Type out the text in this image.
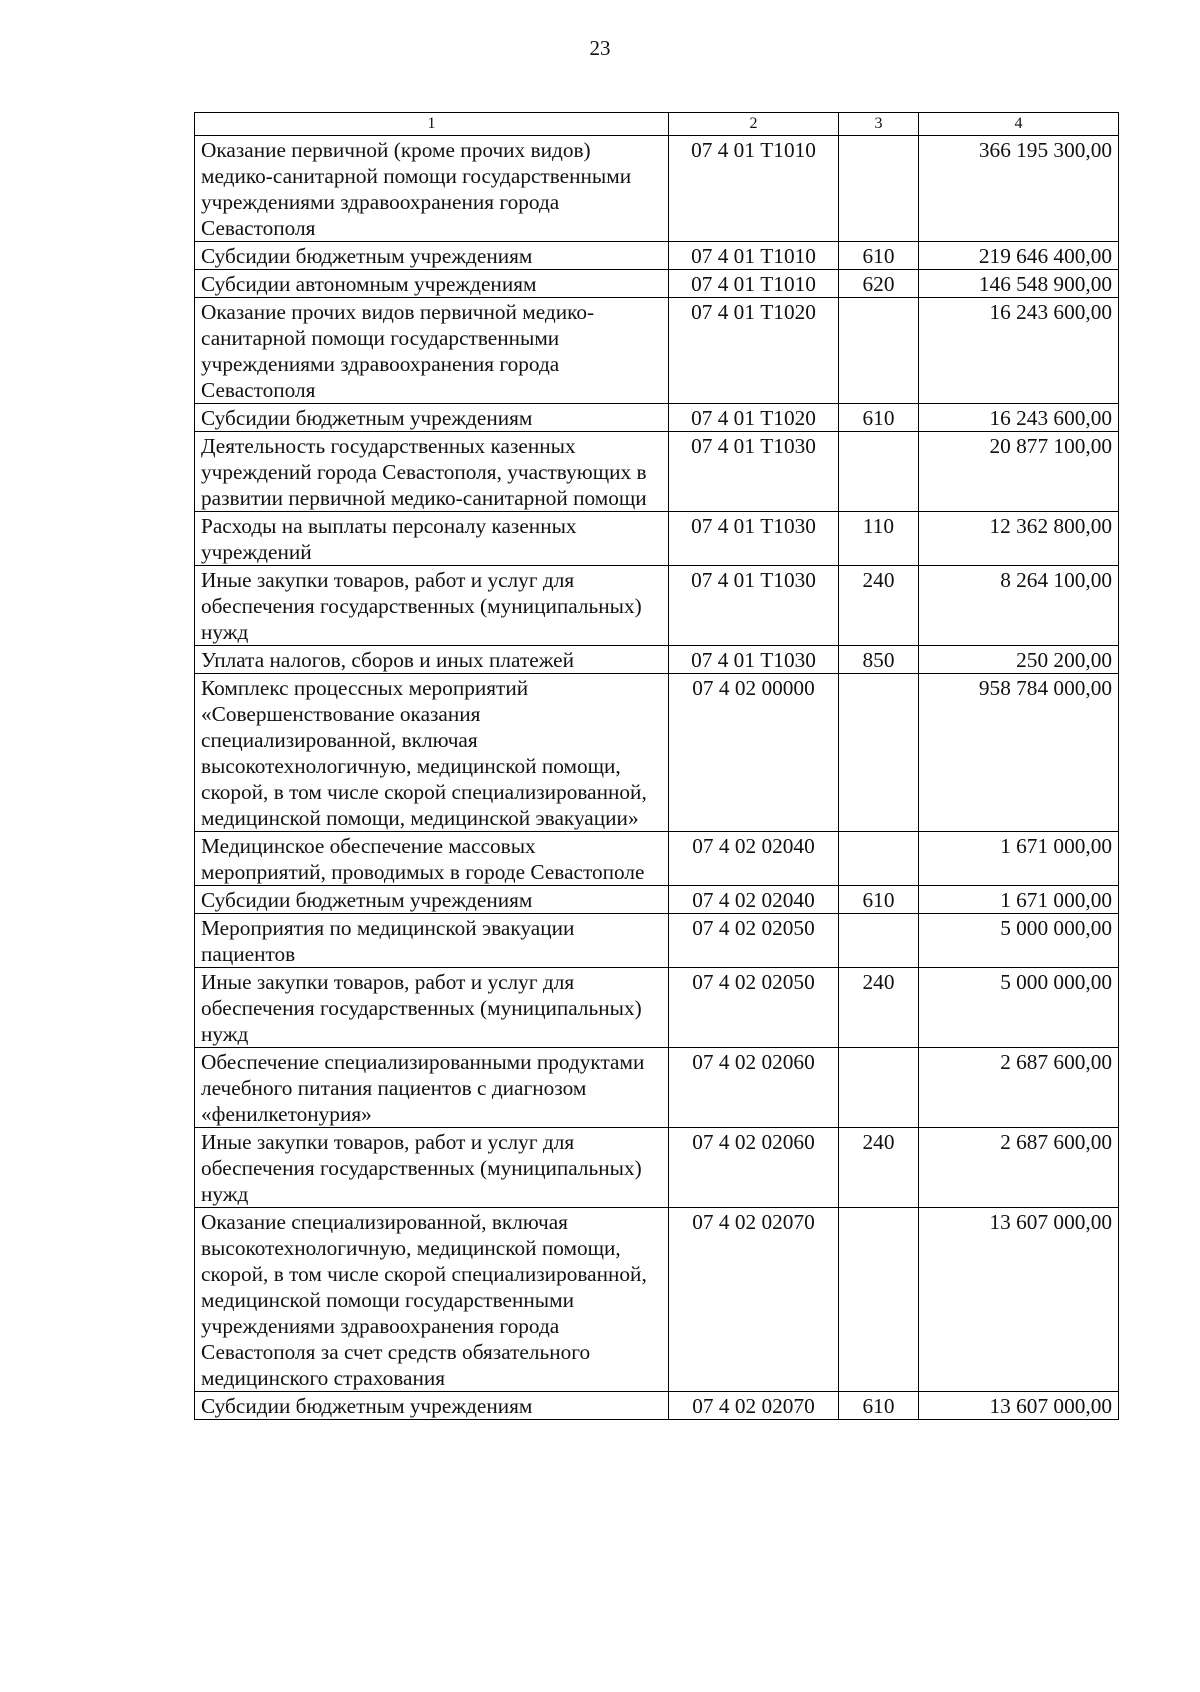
23
1	2	3	4
Оказание первичной (кроме прочих видов) медико-санитарной помощи государственными учреждениями здравоохранения города Севастополя	07 4 01 Т1010		366 195 300,00
Субсидии бюджетным учреждениям	07 4 01 Т1010	610	219 646 400,00
Субсидии автономным учреждениям	07 4 01 Т1010	620	146 548 900,00
Оказание прочих видов первичной медико-санитарной помощи государственными учреждениями здравоохранения города Севастополя	07 4 01 Т1020		16 243 600,00
Субсидии бюджетным учреждениям	07 4 01 Т1020	610	16 243 600,00
Деятельность государственных казенных учреждений города Севастополя, участвующих в развитии первичной медико-санитарной помощи	07 4 01 Т1030		20 877 100,00
Расходы на выплаты персоналу казенных учреждений	07 4 01 Т1030	110	12 362 800,00
Иные закупки товаров, работ и услуг для обеспечения государственных (муниципальных) нужд	07 4 01 Т1030	240	8 264 100,00
Уплата налогов, сборов и иных платежей	07 4 01 Т1030	850	250 200,00
Комплекс процессных мероприятий «Совершенствование оказания специализированной, включая высокотехнологичную, медицинской помощи, скорой, в том числе скорой специализированной, медицинской помощи, медицинской эвакуации»	07 4 02 00000		958 784 000,00
Медицинское обеспечение массовых мероприятий, проводимых в городе Севастополе	07 4 02 02040		1 671 000,00
Субсидии бюджетным учреждениям	07 4 02 02040	610	1 671 000,00
Мероприятия по медицинской эвакуации пациентов	07 4 02 02050		5 000 000,00
Иные закупки товаров, работ и услуг для обеспечения государственных (муниципальных) нужд	07 4 02 02050	240	5 000 000,00
Обеспечение специализированными продуктами лечебного питания пациентов с диагнозом «фенилкетонурия»	07 4 02 02060		2 687 600,00
Иные закупки товаров, работ и услуг для обеспечения государственных (муниципальных) нужд	07 4 02 02060	240	2 687 600,00
Оказание специализированной, включая высокотехнологичную, медицинской помощи, скорой, в том числе скорой специализированной, медицинской помощи государственными учреждениями здравоохранения города Севастополя за счет средств обязательного медицинского страхования	07 4 02 02070		13 607 000,00
Субсидии бюджетным учреждениям	07 4 02 02070	610	13 607 000,00
